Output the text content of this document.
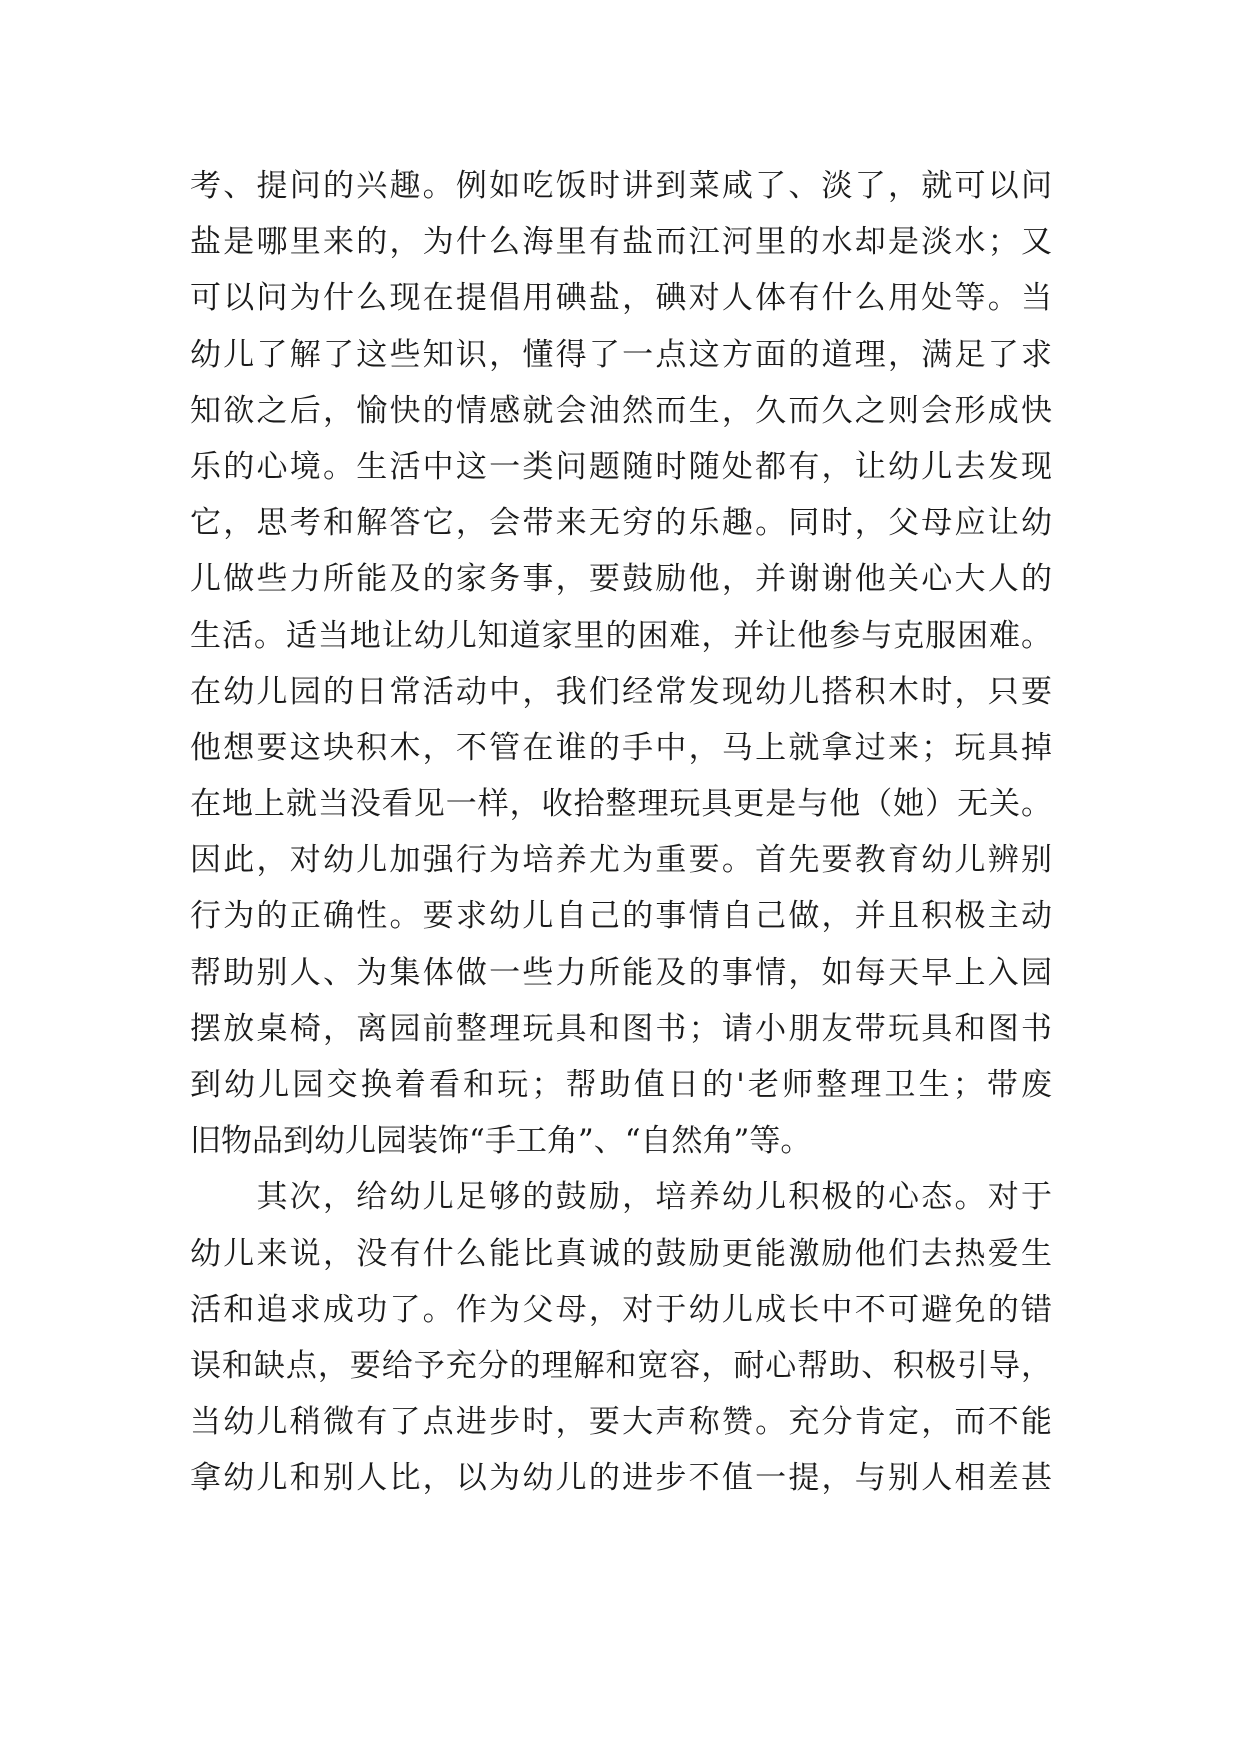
考、提问的兴趣。例如吃饭时讲到菜咸了、淡了，就可以问
盐是哪里来的，为什么海里有盐而江河里的水却是淡水；又
可以问为什么现在提倡用碘盐，碘对人体有什么用处等。当
幼儿了解了这些知识，懂得了一点这方面的道理，满足了求
知欲之后，愉快的情感就会油然而生，久而久之则会形成快
乐的心境。生活中这一类问题随时随处都有，让幼儿去发现
它，思考和解答它，会带来无穷的乐趣。同时，父母应让幼
儿做些力所能及的家务事，要鼓励他，并谢谢他关心大人的
生活。适当地让幼儿知道家里的困难，并让他参与克服困难。
在幼儿园的日常活动中，我们经常发现幼儿搭积木时，只要
他想要这块积木，不管在谁的手中，马上就拿过来；玩具掉
在地上就当没看见一样，收拾整理玩具更是与他（她）无关。
因此，对幼儿加强行为培养尤为重要。首先要教育幼儿辨别
行为的正确性。要求幼儿自己的事情自己做，并且积极主动
帮助别人、为集体做一些力所能及的事情，如每天早上入园
摆放桌椅，离园前整理玩具和图书；请小朋友带玩具和图书
到幼儿园交换着看和玩；帮助值日的'老师整理卫生；带废
旧物品到幼儿园装饰“手工角”、“自然角”等。
　　其次，给幼儿足够的鼓励，培养幼儿积极的心态。对于
幼儿来说，没有什么能比真诚的鼓励更能激励他们去热爱生
活和追求成功了。作为父母，对于幼儿成长中不可避免的错
误和缺点，要给予充分的理解和宽容，耐心帮助、积极引导，
当幼儿稍微有了点进步时，要大声称赞。充分肯定，而不能
拿幼儿和别人比，以为幼儿的进步不值一提，与别人相差甚
